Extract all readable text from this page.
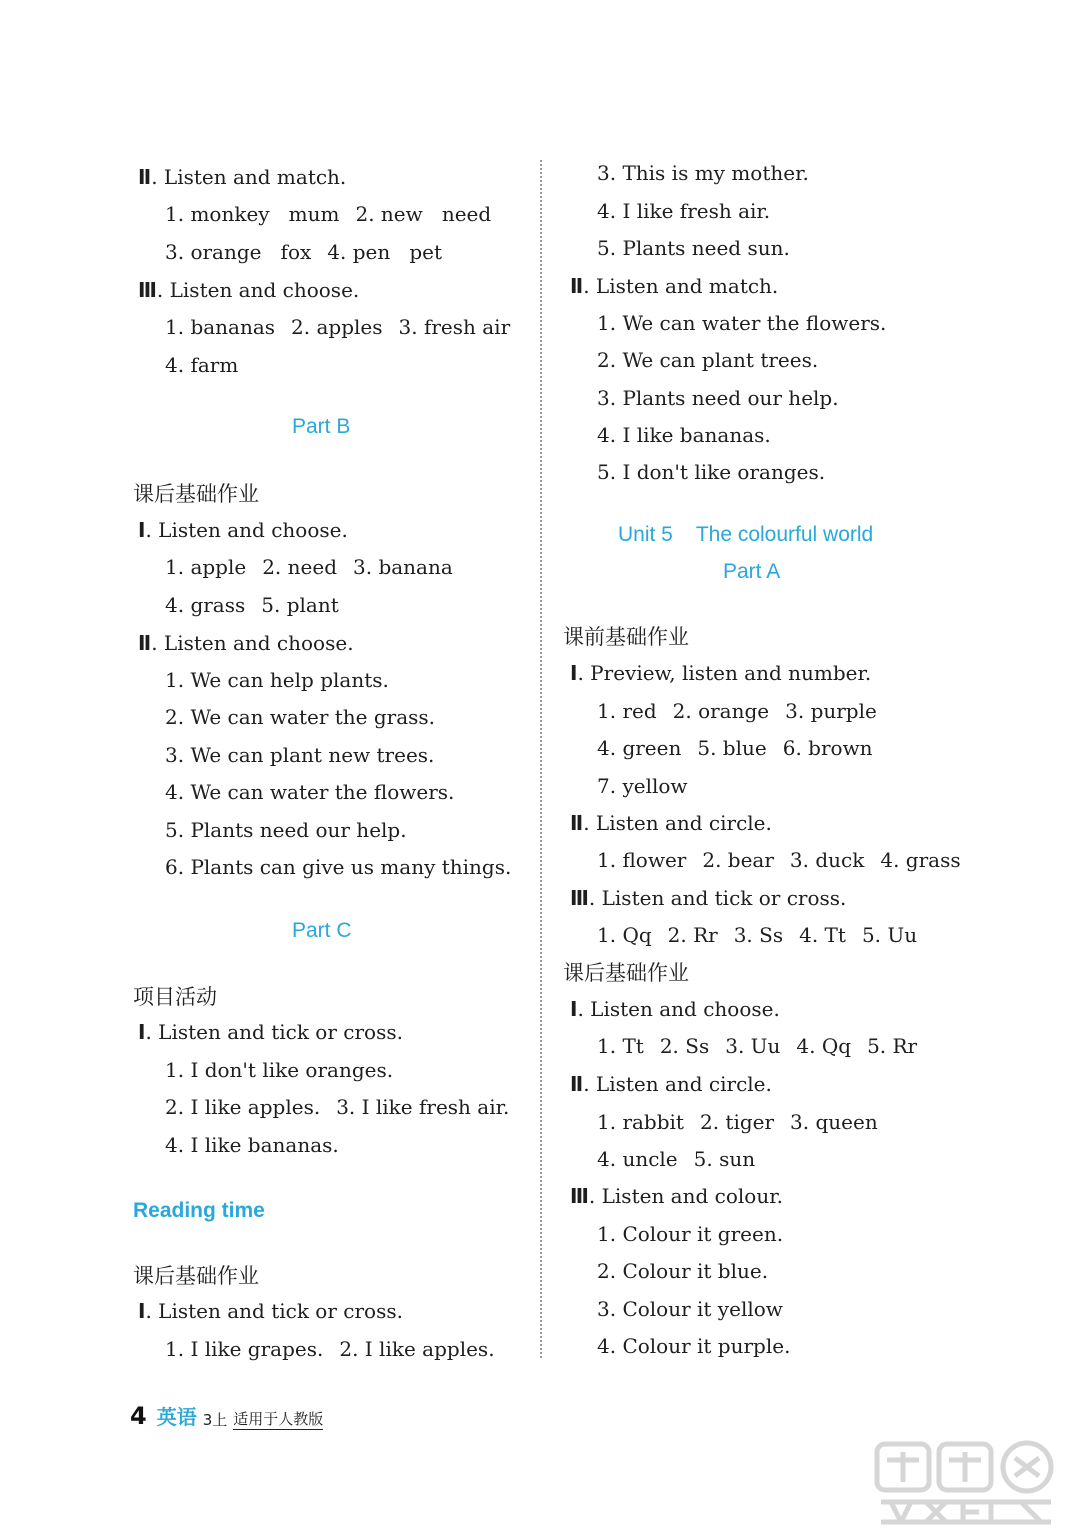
Ⅱ. Listen and match.
1. monkey   mum 2. new   need
3. orange   fox 4. pen   pet
Ⅲ. Listen and choose.
1. bananas 2. apples 3. fresh air
4. farm
Part B
课后基础作业
Ⅰ. Listen and choose.
1. apple 2. need 3. banana
4. grass 5. plant
Ⅱ. Listen and choose.
1. We can help plants.
2. We can water the grass.
3. We can plant new trees.
4. We can water the flowers.
5. Plants need our help.
6. Plants can give us many things.
Part C
项目活动
Ⅰ. Listen and tick or cross.
1. I don't like oranges.
2. I like apples. 3. I like fresh air.
4. I like bananas.
Reading time
课后基础作业
Ⅰ. Listen and tick or cross.
1. I like grapes. 2. I like apples.
3. This is my mother.
4. I like fresh air.
5. Plants need sun.
Ⅱ. Listen and match.
1. We can water the flowers.
2. We can plant trees.
3. Plants need our help.
4. I like bananas.
5. I don't like oranges.
Unit 5    The colourful world
Part A
课前基础作业
Ⅰ. Preview, listen and number.
1. red 2. orange 3. purple
4. green 5. blue 6. brown
7. yellow
Ⅱ. Listen and circle.
1. flower 2. bear 3. duck 4. grass
Ⅲ. Listen and tick or cross.
1. Qq 2. Rr 3. Ss 4. Tt 5. Uu
课后基础作业
Ⅰ. Listen and choose.
1. Tt 2. Ss 3. Uu 4. Qq 5. Rr
Ⅱ. Listen and circle.
1. rabbit 2. tiger 3. queen
4. uncle 5. sun
Ⅲ. Listen and colour.
1. Colour it green.
2. Colour it blue.
3. Colour it yellow
4. Colour it purple.
4 英语 3上 适用于人教版
